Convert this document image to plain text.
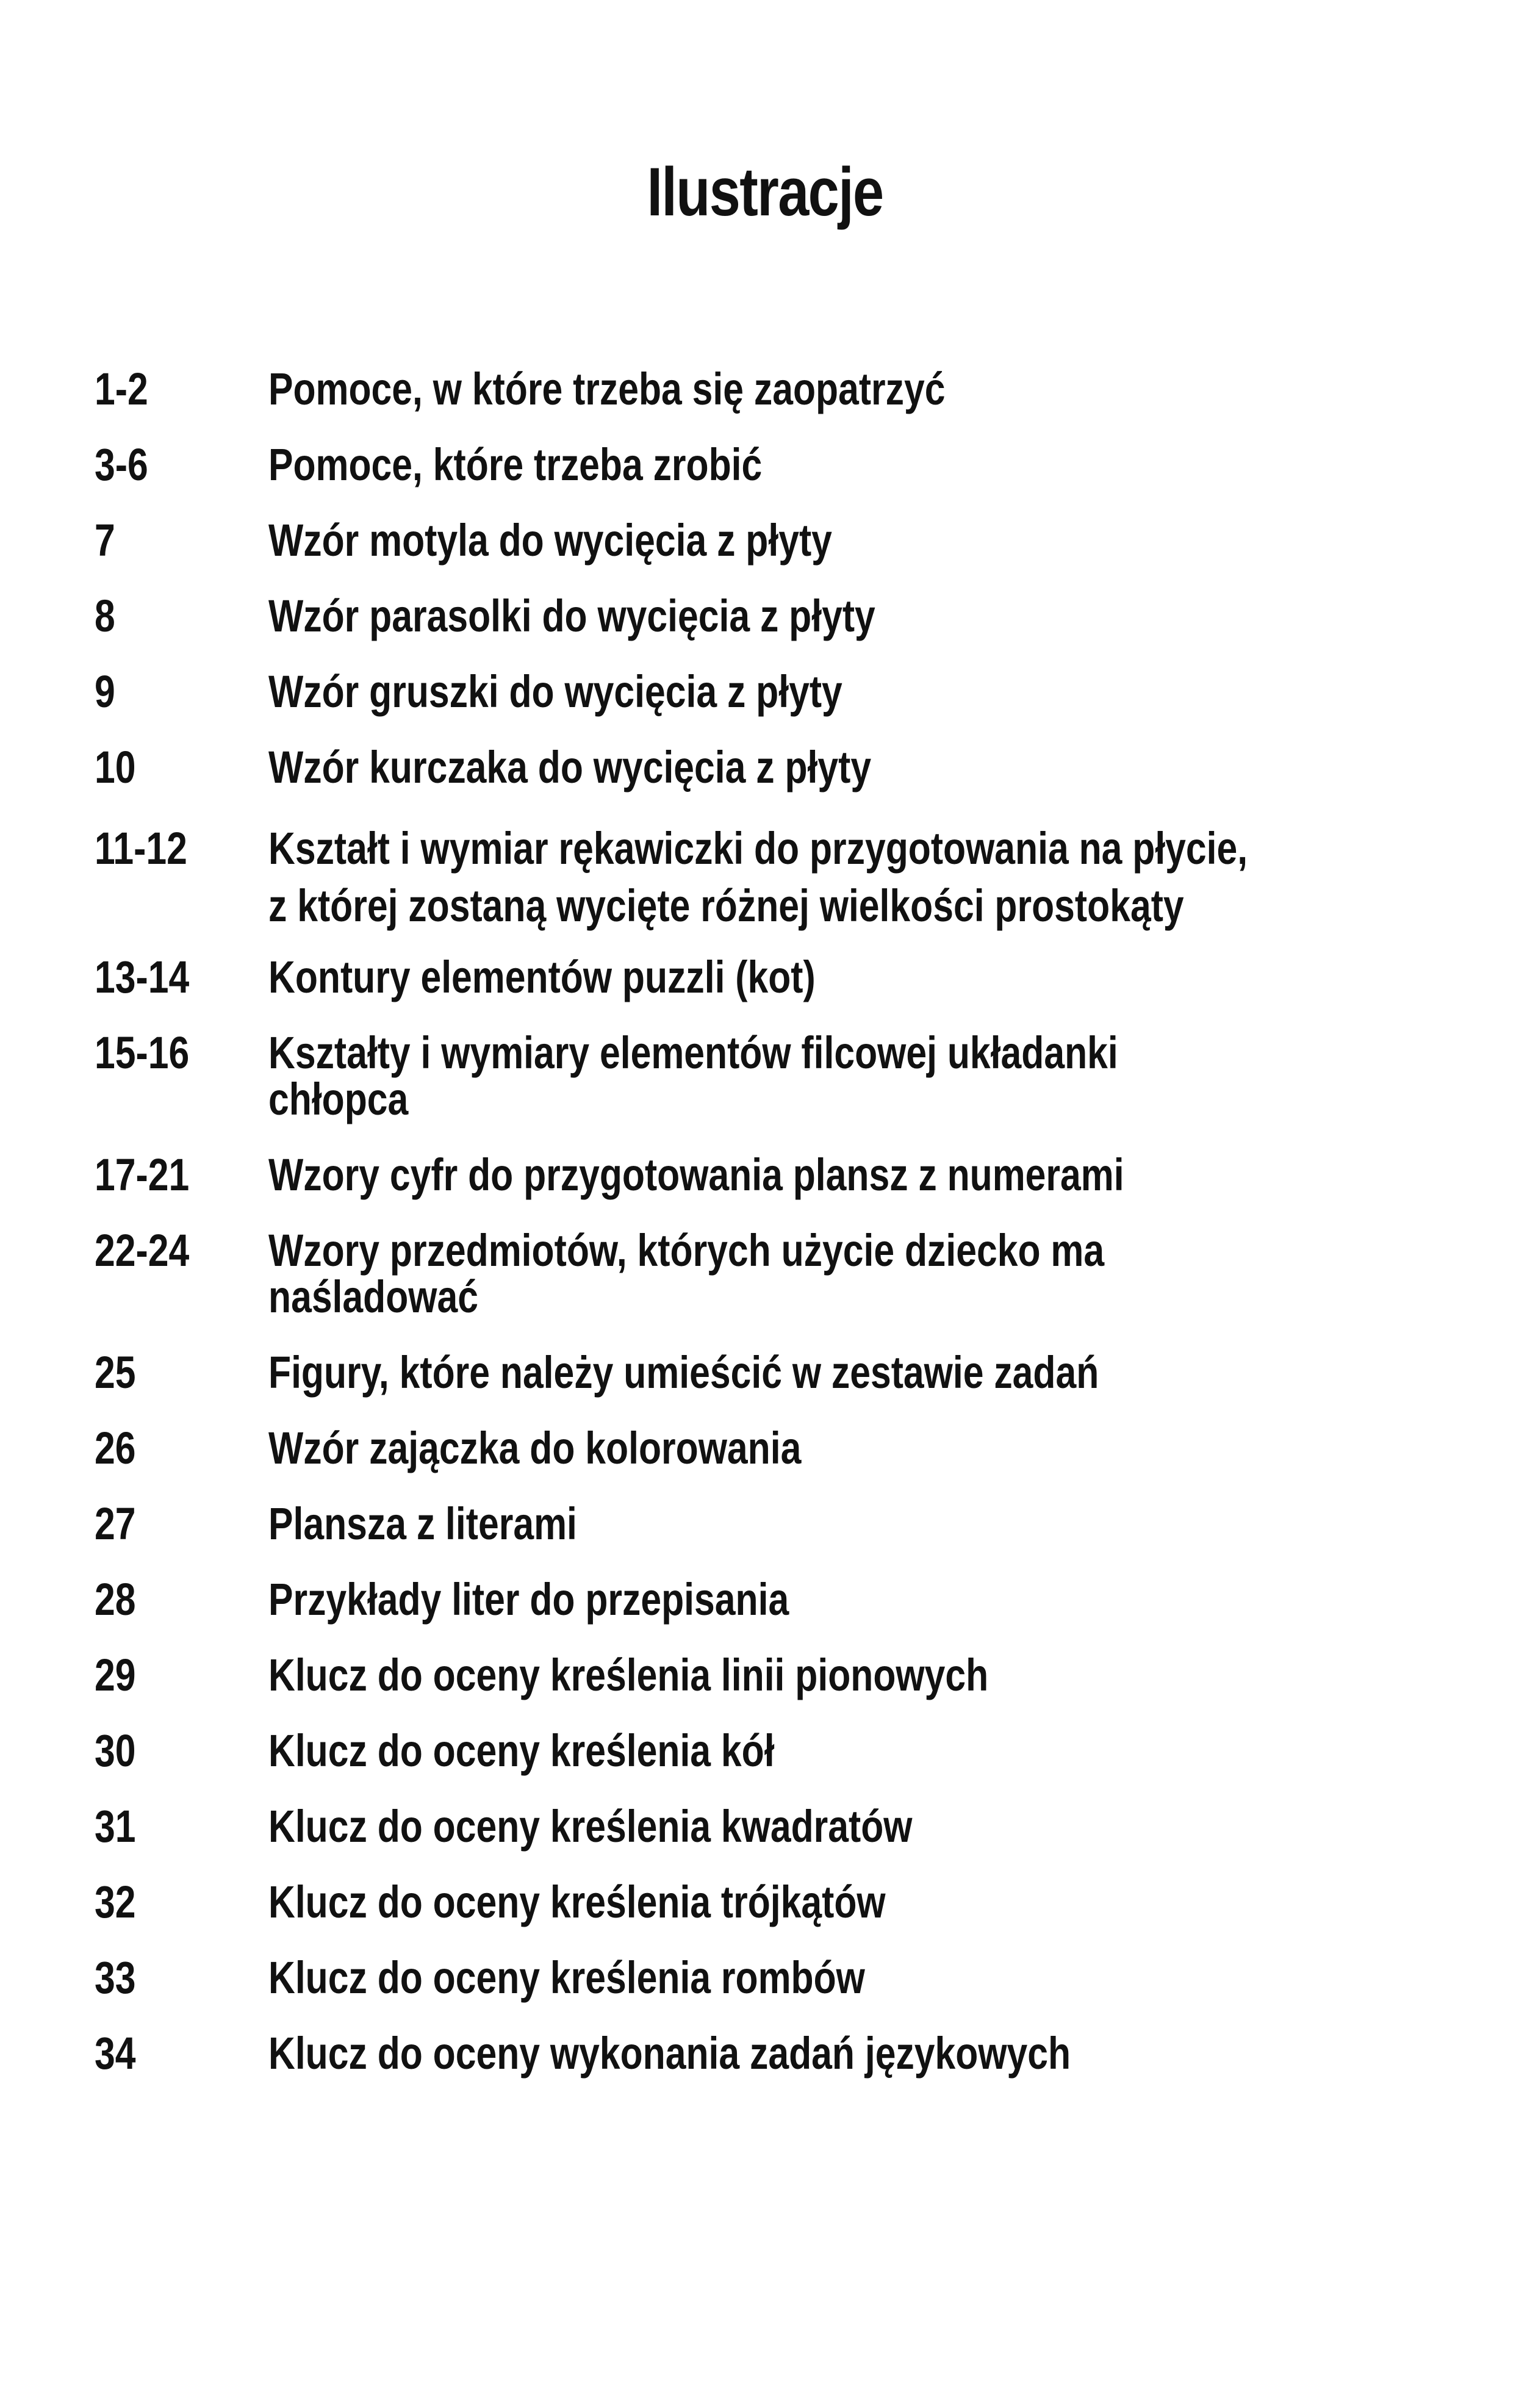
Ilustracje
1-2	Pomoce, w które trzeba się zaopatrzyć
3-6	Pomoce, które trzeba zrobić
7	Wzór motyla do wycięcia z płyty
8	Wzór parasolki do wycięcia z płyty
9	Wzór gruszki do wycięcia z płyty
10	Wzór kurczaka do wycięcia z płyty
11-12	Kształt i wymiar rękawiczki do przygotowania na płycie, z której zostaną wycięte różnej wielkości prostokąty
13-14	Kontury elementów puzzli (kot)
15-16	Kształty i wymiary elementów filcowej układanki chłopca
17-21	Wzory cyfr do przygotowania plansz z numerami
22-24	Wzory przedmiotów, których użycie dziecko ma naśladować
25	Figury, które należy umieścić w zestawie zadań
26	Wzór zajączka do kolorowania
27	Plansza z literami
28	Przykłady liter do przepisania
29	Klucz do oceny kreślenia linii pionowych
30	Klucz do oceny kreślenia kół
31	Klucz do oceny kreślenia kwadratów
32	Klucz do oceny kreślenia trójkątów
33	Klucz do oceny kreślenia rombów
34	Klucz do oceny wykonania zadań językowych
